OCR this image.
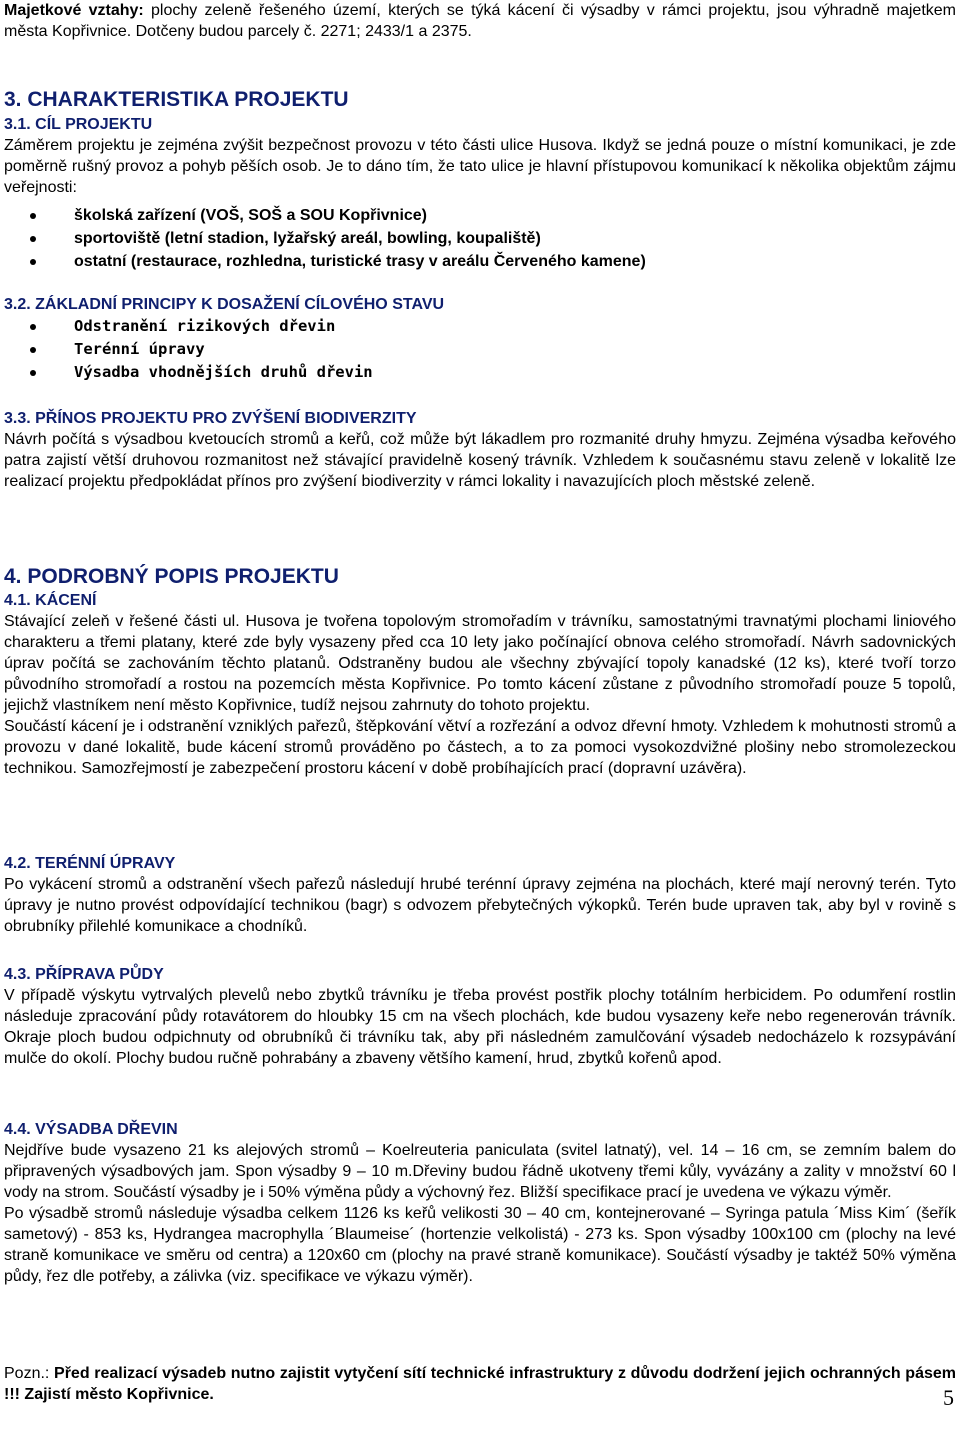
Majetkové vztahy: plochy zeleně řešeného území, kterých se týká kácení či výsadby v rámci projektu, jsou výhradně majetkem města Kopřivnice. Dotčeny budou parcely č. 2271; 2433/1 a 2375.

3. CHARAKTERISTIKA PROJEKTU
3.1. CÍL PROJEKTU

Záměrem projektu je zejména zvýšit bezpečnost provozu v této části ulice Husova. Ikdyž se jedná pouze o místní komunikaci, je zde poměrně rušný provoz a pohyb pěších osob. Je to dáno tím, že tato ulice je hlavní přístupovou komunikací k několika objektům zájmu veřejnosti:

školská zařízení (VOŠ, SOŠ a SOU Kopřivnice)
sportoviště (letní stadion, lyžařský areál, bowling, koupaliště)
ostatní (restaurace, rozhledna, turistické trasy v areálu Červeného kamene)
3.2. ZÁKLADNÍ PRINCIPY K DOSAŽENÍ CÍLOVÉHO STAVU
Odstranění rizikových dřevin
Terénní úpravy
Výsadba vhodnějších druhů dřevin
3.3. PŘÍNOS PROJEKTU PRO ZVÝŠENÍ BIODIVERZITY

Návrh počítá s výsadbou kvetoucích stromů a keřů, což může být lákadlem pro rozmanité druhy hmyzu. Zejména výsadba keřového patra zajistí větší druhovou rozmanitost než stávající pravidelně kosený trávník. Vzhledem k současnému stavu zeleně v lokalitě lze realizací projektu předpokládat přínos pro zvýšení biodiverzity v rámci lokality i navazujících ploch městské zeleně.

4. PODROBNÝ POPIS PROJEKTU
4.1. KÁCENÍ

Stávající zeleň v řešené části ul. Husova je tvořena topolovým stromořadím v trávníku, samostatnými travnatými plochami liniového charakteru a třemi platany, které zde byly vysazeny před cca 10 lety jako počínající obnova celého stromořadí. Návrh sadovnických úprav počítá se zachováním těchto platanů. Odstraněny budou ale všechny zbývající topoly kanadské (12 ks), které tvoří torzo původního stromořadí a rostou na pozemcích města Kopřivnice. Po tomto kácení zůstane z původního stromořadí pouze 5 topolů, jejichž vlastníkem není město Kopřivnice, tudíž nejsou zahrnuty do tohoto projektu.

Součástí kácení je i odstranění vzniklých pařezů, štěpkování větví a rozřezání a odvoz dřevní hmoty. Vzhledem k mohutnosti stromů a provozu v dané lokalitě, bude kácení stromů prováděno po částech, a to za pomoci vysokozdvižné plošiny nebo stromolezeckou technikou. Samozřejmostí je zabezpečení prostoru kácení v době probíhajících prací (dopravní uzávěra).

4.2. TERÉNNÍ ÚPRAVY

Po vykácení stromů a odstranění všech pařezů následují hrubé terénní úpravy zejména na plochách, které mají nerovný terén. Tyto úpravy je nutno provést odpovídající technikou (bagr) s odvozem přebytečných výkopků. Terén bude upraven tak, aby byl v rovině s obrubníky přilehlé komunikace a chodníků.

4.3. PŘÍPRAVA PŮDY

V případě výskytu vytrvalých plevelů nebo zbytků trávníku je třeba provést postřik plochy totálním herbicidem. Po odumření rostlin následuje zpracování půdy rotavátorem do hloubky 15 cm na všech plochách, kde budou vysazeny keře nebo regenerován trávník. Okraje ploch budou odpichnuty od obrubníků či trávníku tak, aby při následném zamulčování výsadeb nedocházelo k rozsypávání mulče do okolí. Plochy budou ručně pohrabány a zbaveny většího kamení, hrud, zbytků kořenů apod.

4.4. VÝSADBA DŘEVIN

Nejdříve bude vysazeno 21 ks alejových stromů – Koelreuteria paniculata (svitel latnatý), vel. 14 – 16 cm, se zemním balem do připravených výsadbových jam. Spon výsadby 9 – 10 m.Dřeviny budou řádně ukotveny třemi kůly, vyvázány a zality v množství 60 l vody na strom. Součástí výsadby je i 50% výměna půdy a výchovný řez. Bližší specifikace prací je uvedena ve výkazu výměr.

Po výsadbě stromů následuje výsadba celkem 1126 ks keřů velikosti 30 – 40 cm, kontejnerované – Syringa patula ´Miss Kim´ (šeřík sametový) - 853 ks, Hydrangea macrophylla ´Blaumeise´ (hortenzie velkolistá) - 273 ks. Spon výsadby 100x100 cm (plochy na levé straně komunikace ve směru od centra) a 120x60 cm (plochy na pravé straně komunikace). Součástí výsadby je taktéž 50% výměna půdy, řez dle potřeby, a zálivka (viz. specifikace ve výkazu výměr).

Pozn.: Před realizací výsadeb nutno zajistit vytyčení sítí technické infrastruktury z důvodu dodržení jejich ochranných pásem !!! Zajistí město Kopřivnice.	5
